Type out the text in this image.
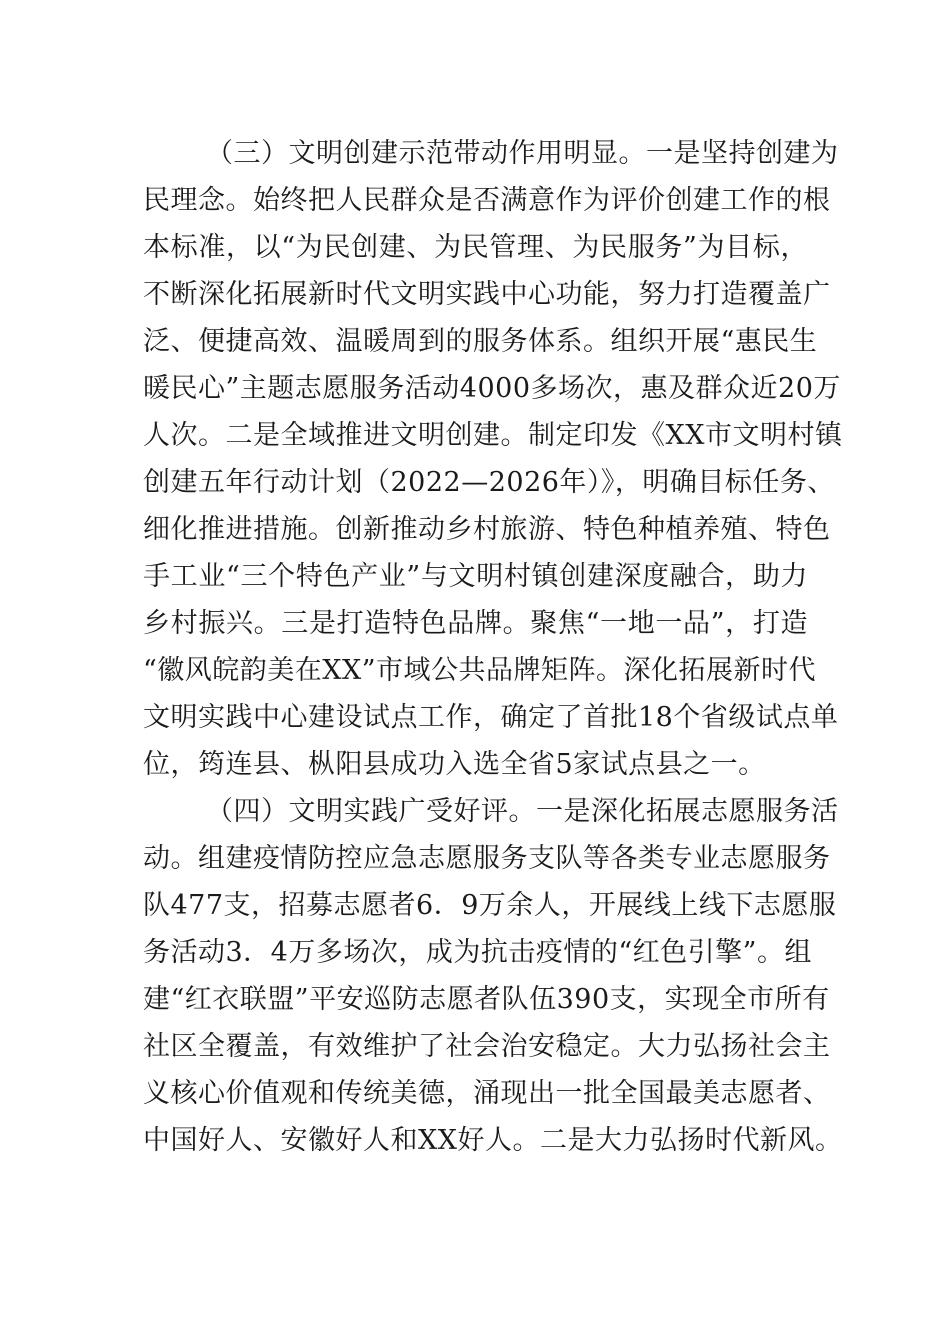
（三）文明创建示范带动作用明显。一是坚持创建为
民理念。始终把人民群众是否满意作为评价创建工作的根
本标准，以“为民创建、为民管理、为民服务”为目标，
不断深化拓展新时代文明实践中心功能，努力打造覆盖广
泛、便捷高效、温暖周到的服务体系。组织开展“惠民生
暖民心”主题志愿服务活动4000多场次，惠及群众近20万
人次。二是全域推进文明创建。制定印发《XX市文明村镇
创建五年行动计划（2022—2026年）》，明确目标任务、
细化推进措施。创新推动乡村旅游、特色种植养殖、特色
手工业“三个特色产业”与文明村镇创建深度融合，助力
乡村振兴。三是打造特色品牌。聚焦“一地一品”，打造
“徽风皖韵美在XX”市域公共品牌矩阵。深化拓展新时代
文明实践中心建设试点工作，确定了首批18个省级试点单
位，筠连县、枞阳县成功入选全省5家试点县之一。
（四）文明实践广受好评。一是深化拓展志愿服务活
动。组建疫情防控应急志愿服务支队等各类专业志愿服务
队477支，招募志愿者6．9万余人，开展线上线下志愿服
务活动3．4万多场次，成为抗击疫情的“红色引擎”。组
建“红衣联盟”平安巡防志愿者队伍390支，实现全市所有
社区全覆盖，有效维护了社会治安稳定。大力弘扬社会主
义核心价值观和传统美德，涌现出一批全国最美志愿者、
中国好人、安徽好人和XX好人。二是大力弘扬时代新风。
